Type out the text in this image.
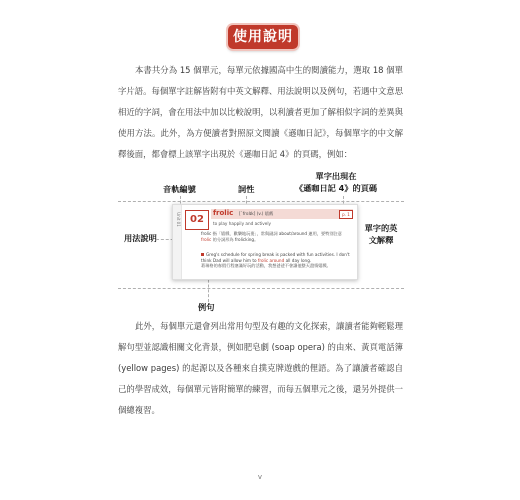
使用說明

本書共分為 15 個單元，每單元依據國高中生的閱讀能力，選取 18 個單字片語。每個單字註解皆附有中英文解釋、用法說明以及例句，若遇中文意思相近的字詞，會在用法中加以比較說明，以利讀者更加了解相似字詞的差異與使用方法。此外，為方便讀者對照原文閱讀《遜咖日記》，每個單字的中文解釋後面，都會標上該單字出現於《遜咖日記 4》的頁碼，例如：

音軌編號	詞性
單字出現在
《遜咖日記 4》的頁碼
用法說明
單字的英
文解釋
例句
Unit 01 02
frolic [ˋfrɑlɪk] (v.) 嬉戲	p. 1
to play happily and actively
frolic 指「嬉戲、歡樂地玩耍」，常與副詞 about/around 連用，要特別注意 frolic 的分詞形為 frolicking。
Greg's schedule for spring break is packed with fun activities. I don't think Dad will allow him to frolic around all day long.
葛瑞格的春假行程塞滿好玩的活動，我想爸爸不會讓他整天盡情嬉戲。

此外，每個單元還會列出常用句型及有趣的文化探索，讓讀者能夠輕鬆理解句型並認識相關文化背景，例如肥皂劇 (soap opera) 的由來、黃頁電話簿 (yellow pages) 的起源以及各種來自撲克牌遊戲的俚語。為了讓讀者確認自己的學習成效，每個單元皆附簡單的練習，而每五個單元之後，還另外提供一個總複習。

v
